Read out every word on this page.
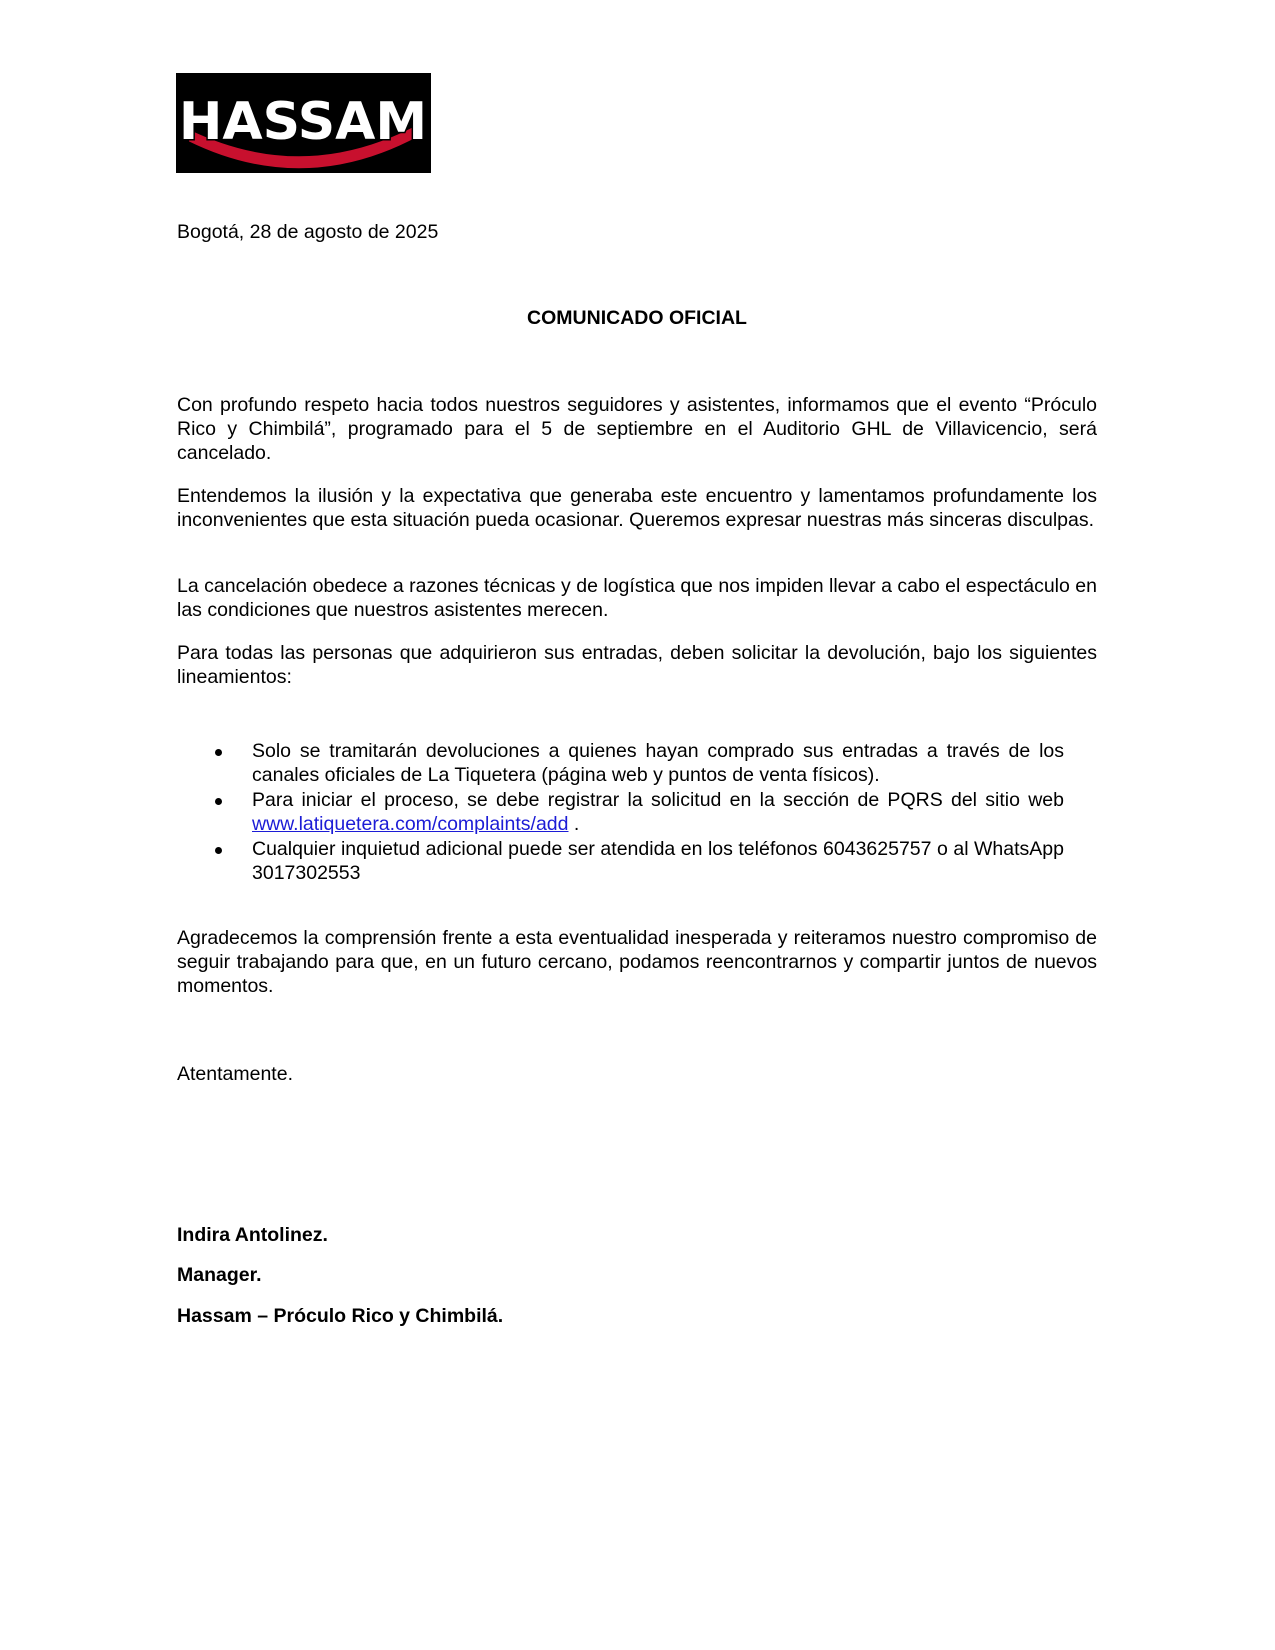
HASSAM

Bogotá, 28 de agosto de 2025

COMUNICADO OFICIAL

Con profundo respeto hacia todos nuestros seguidores y asistentes, informamos que el evento “Próculo Rico y Chimbilá”, programado para el 5 de septiembre en el Auditorio GHL de Villavicencio, será cancelado.

Entendemos la ilusión y la expectativa que generaba este encuentro y lamentamos profundamente los inconvenientes que esta situación pueda ocasionar. Queremos expresar nuestras más sinceras disculpas.

La cancelación obedece a razones técnicas y de logística que nos impiden llevar a cabo el espectáculo en las condiciones que nuestros asistentes merecen.

Para todas las personas que adquirieron sus entradas, deben solicitar la devolución, bajo los siguientes lineamientos:

Solo se tramitarán devoluciones a quienes hayan comprado sus entradas a través de los canales oficiales de La Tiquetera (página web y puntos de venta físicos).
Para iniciar el proceso, se debe registrar la solicitud en la sección de PQRS del sitio web www.latiquetera.com/complaints/add .
Cualquier inquietud adicional puede ser atendida en los teléfonos 6043625757 o al WhatsApp 3017302553

Agradecemos la comprensión frente a esta eventualidad inesperada y reiteramos nuestro compromiso de seguir trabajando para que, en un futuro cercano, podamos reencontrarnos y compartir juntos de nuevos momentos.

Atentamente.

Indira Antolinez.

Manager.

Hassam – Próculo Rico y Chimbilá.
